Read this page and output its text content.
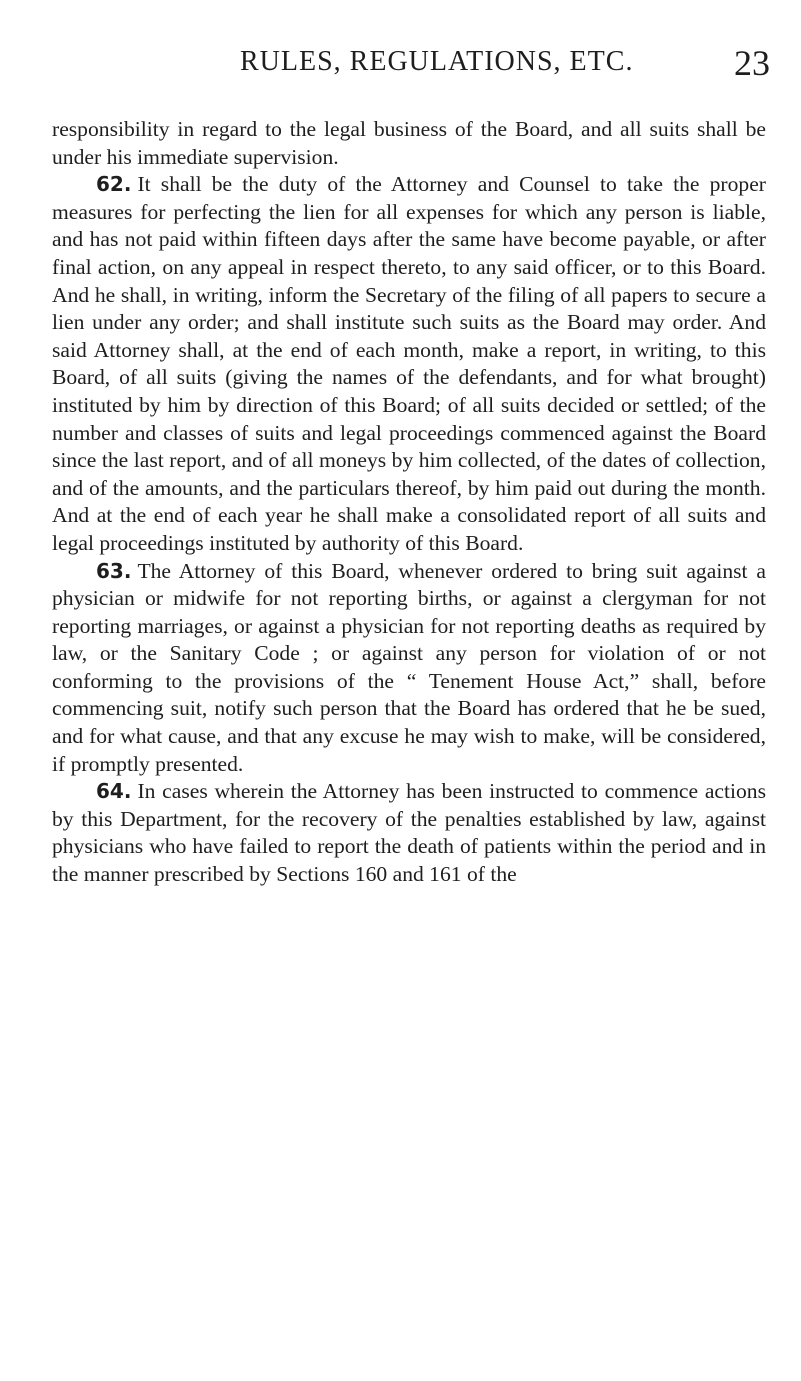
RULES, REGULATIONS, ETC.	23

responsibility in regard to the legal business of the Board, and all suits shall be under his immediate supervision.

62. It shall be the duty of the Attorney and Counsel to take the proper measures for perfecting the lien for all expenses for which any person is liable, and has not paid within fifteen days after the same have become payable, or after final action, on any appeal in respect thereto, to any said officer, or to this Board. And he shall, in writing, inform the Secretary of the filing of all papers to secure a lien under any order; and shall institute such suits as the Board may order. And said Attorney shall, at the end of each month, make a report, in writing, to this Board, of all suits (giving the names of the defendants, and for what brought) instituted by him by direction of this Board; of all suits decided or settled; of the number and classes of suits and legal proceedings commenced against the Board since the last report, and of all moneys by him collected, of the dates of collection, and of the amounts, and the particulars thereof, by him paid out during the month. And at the end of each year he shall make a consolidated report of all suits and legal proceedings instituted by authority of this Board.

63. The Attorney of this Board, whenever ordered to bring suit against a physician or midwife for not reporting births, or against a clergyman for not reporting marriages, or against a physician for not reporting deaths as required by law, or the Sanitary Code ; or against any person for violation of or not conforming to the provisions of the “ Tenement House Act,” shall, before commencing suit, notify such person that the Board has ordered that he be sued, and for what cause, and that any excuse he may wish to make, will be considered, if promptly presented.

64. In cases wherein the Attorney has been instructed to commence actions by this Department, for the recovery of the penalties established by law, against physicians who have failed to report the death of patients within the period and in the manner prescribed by Sections 160 and 161 of the
